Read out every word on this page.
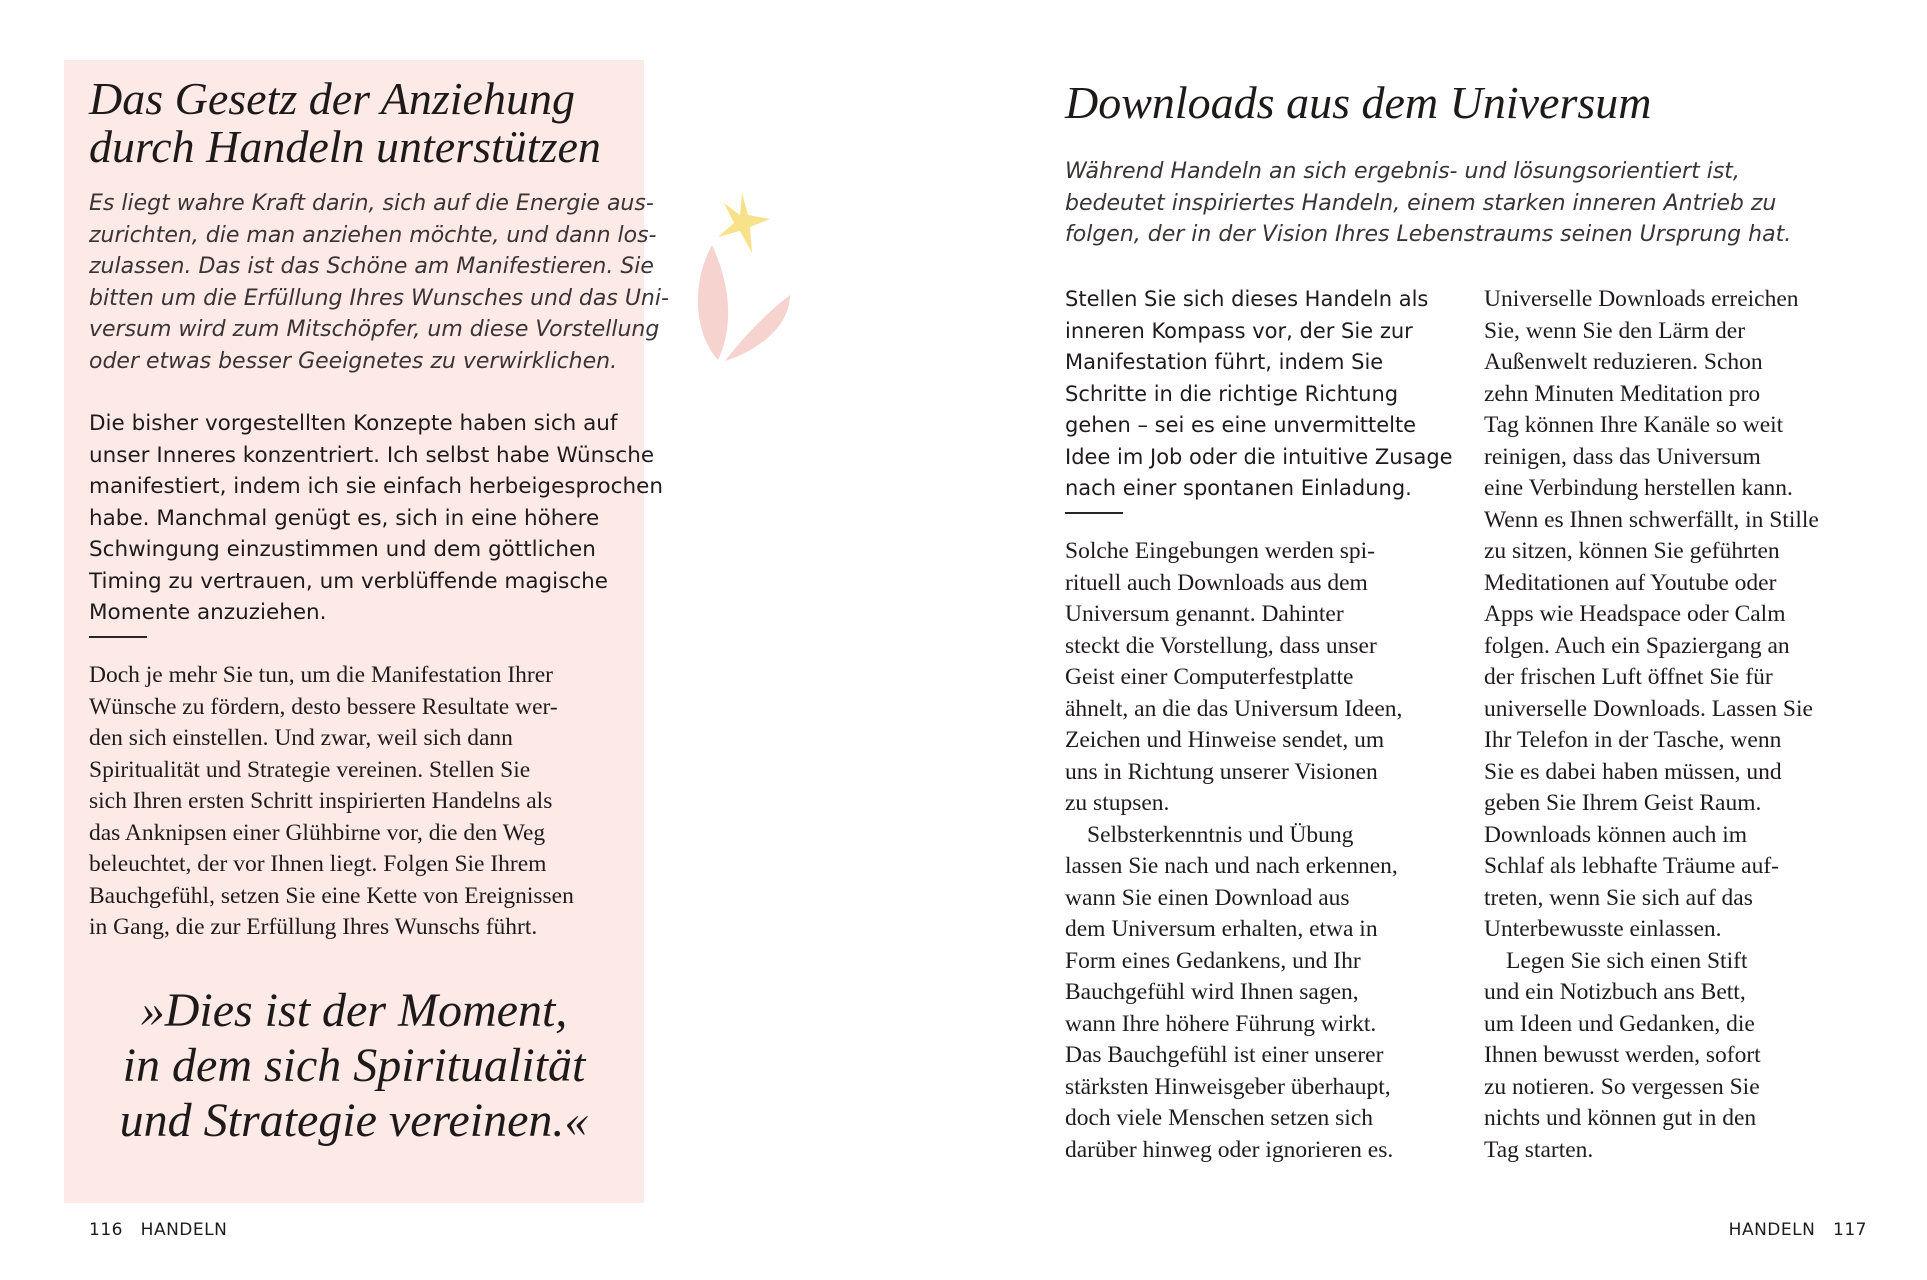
Das Gesetz der Anziehung
durch Handeln unterstützen

Es liegt wahre Kraft darin, sich auf die Energie aus-
zurichten, die man anziehen möchte, und dann los-
zulassen. Das ist das Schöne am Manifestieren. Sie
bitten um die Erfüllung Ihres Wunsches und das Uni-
versum wird zum Mitschöpfer, um diese Vorstellung
oder etwas besser Geeignetes zu verwirklichen.

Die bisher vorgestellten Konzepte haben sich auf
unser Inneres konzentriert. Ich selbst habe Wünsche
manifestiert, indem ich sie einfach herbeigesprochen
habe. Manchmal genügt es, sich in eine höhere
Schwingung einzustimmen und dem göttlichen
Timing zu vertrauen, um verblüffende magische
Momente anzuziehen.

Doch je mehr Sie tun, um die Manifestation Ihrer
Wünsche zu fördern, desto bessere Resultate wer-
den sich einstellen. Und zwar, weil sich dann
Spiritualität und Strategie vereinen. Stellen Sie
sich Ihren ersten Schritt inspirierten Handelns als
das Anknipsen einer Glühbirne vor, die den Weg
beleuchtet, der vor Ihnen liegt. Folgen Sie Ihrem
Bauchgefühl, setzen Sie eine Kette von Ereignissen
in Gang, die zur Erfüllung Ihres Wunschs führt.

»Dies ist der Moment,
in dem sich Spiritualität
und Strategie vereinen.«
116 HANDELN
Downloads aus dem Universum

Während Handeln an sich ergebnis- und lösungsorientiert ist,
bedeutet inspiriertes Handeln, einem starken inneren Antrieb zu
folgen, der in der Vision Ihres Lebenstraums seinen Ursprung hat.

Stellen Sie sich dieses Handeln als
inneren Kompass vor, der Sie zur
Manifestation führt, indem Sie
Schritte in die richtige Richtung
gehen – sei es eine unvermittelte
Idee im Job oder die intuitive Zusage
nach einer spontanen Einladung.

Solche Eingebungen werden spi-
rituell auch Downloads aus dem
Universum genannt. Dahinter
steckt die Vorstellung, dass unser
Geist einer Computerfestplatte
ähnelt, an die das Universum Ideen,
Zeichen und Hinweise sendet, um
uns in Richtung unserer Visionen
zu stupsen.
Selbsterkenntnis und Übung
lassen Sie nach und nach erkennen,
wann Sie einen Download aus
dem Universum erhalten, etwa in
Form eines Gedankens, und Ihr
Bauchgefühl wird Ihnen sagen,
wann Ihre höhere Führung wirkt.
Das Bauchgefühl ist einer unserer
stärksten Hinweisgeber überhaupt,
doch viele Menschen setzen sich
darüber hinweg oder ignorieren es.

Universelle Downloads erreichen
Sie, wenn Sie den Lärm der
Außenwelt reduzieren. Schon
zehn Minuten Meditation pro
Tag können Ihre Kanäle so weit
reinigen, dass das Universum
eine Verbindung herstellen kann.
Wenn es Ihnen schwerfällt, in Stille
zu sitzen, können Sie geführten
Meditationen auf Youtube oder
Apps wie Headspace oder Calm
folgen. Auch ein Spaziergang an
der frischen Luft öffnet Sie für
universelle Downloads. Lassen Sie
Ihr Telefon in der Tasche, wenn
Sie es dabei haben müssen, und
geben Sie Ihrem Geist Raum.
Downloads können auch im
Schlaf als lebhafte Träume auf-
treten, wenn Sie sich auf das
Unterbewusste einlassen.
Legen Sie sich einen Stift
und ein Notizbuch ans Bett,
um Ideen und Gedanken, die
Ihnen bewusst werden, sofort
zu notieren. So vergessen Sie
nichts und können gut in den
Tag starten.

HANDELN 117
